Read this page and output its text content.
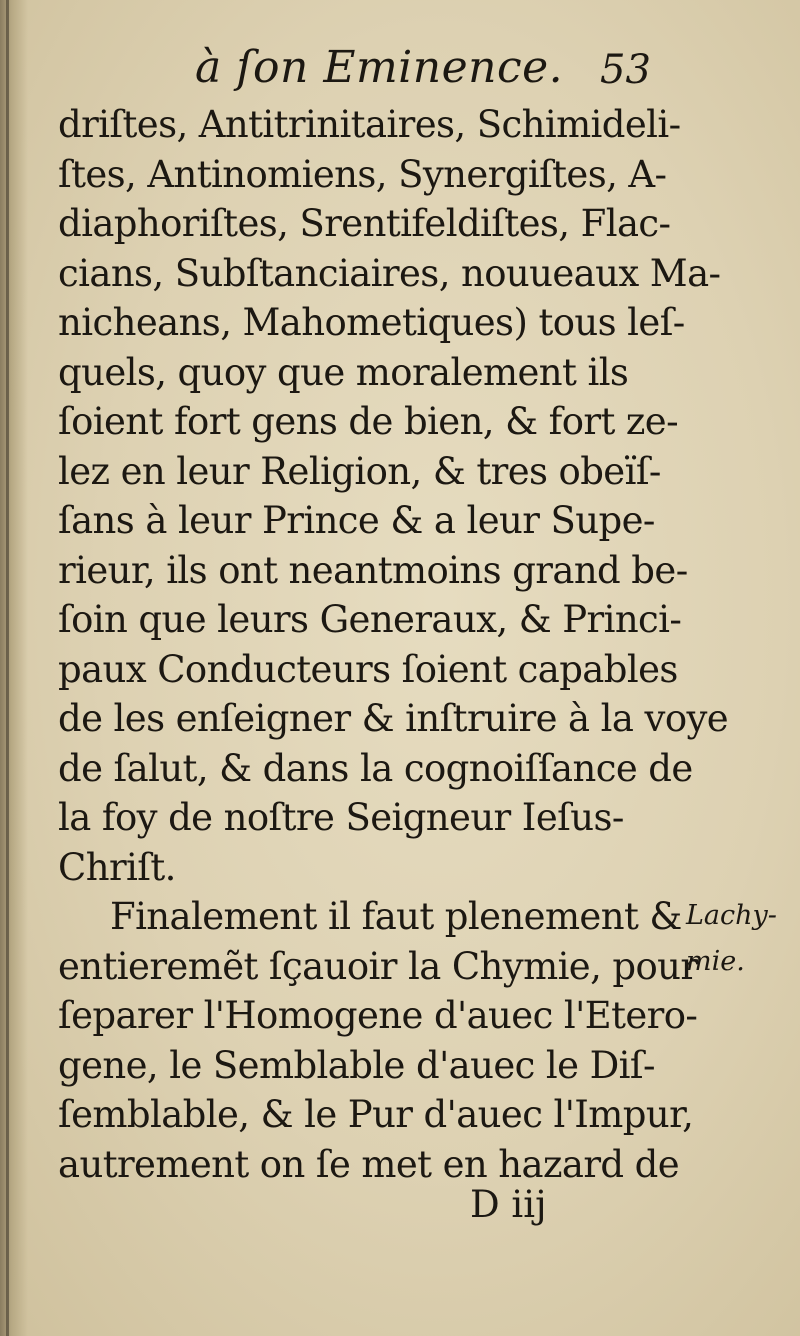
à ſon Eminence. 53
driſtes, Antitrinitaires, Schimideli-
ſtes, Antinomiens, Synergiſtes, A-
diaphoriſtes, Srentifeldiſtes, Flac-
cians, Subſtanciaires, nouueaux Ma-
nicheans, Mahometiques) tous leſ-
quels, quoy que moralement ils
ſoient fort gens de bien, & fort ze-
lez en leur Religion, & tres obeïſ-
ſans à leur Prince & a leur Supe-
rieur, ils ont neantmoins grand be-
ſoin que leurs Generaux, & Princi-
paux Conducteurs ſoient capables
de les enſeigner & inſtruire à la voye
de ſalut, & dans la cognoiſſance de
la foy de noſtre Seigneur Ieſus-
Chriſt.
Finalement il faut plenement &
entieremẽt ſçauoir la Chymie, pour
ſeparer l'Homogene d'auec l'Etero-
gene, le Semblable d'auec le Diſ-
ſemblable, & le Pur d'auec l'Impur,
autrement on ſe met en hazard de
Lachy-
mie.
D iij
